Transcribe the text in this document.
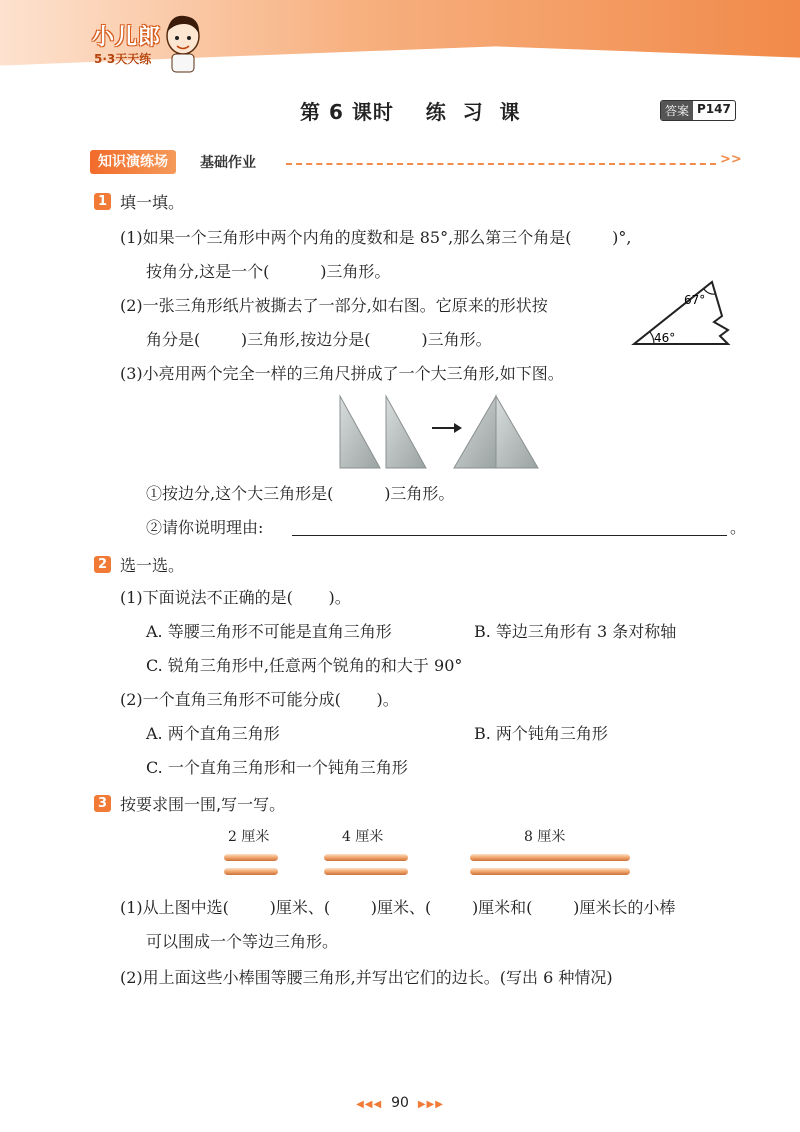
小儿郎
5·3天天练
第 6 课时    练  习  课	答案 P147
知识演练场	基础作业	>>
1 填一填。
(1)如果一个三角形中两个内角的度数和是 85°,那么第三个角是(        )°,
按角分,这是一个(          )三角形。
(2)一张三角形纸片被撕去了一部分,如右图。它原来的形状按
角分是(        )三角形,按边分是(          )三角形。
67°
46°
(3)小亮用两个完全一样的三角尺拼成了一个大三角形,如下图。
①按边分,这个大三角形是(          )三角形。
②请你说明理由:	。
2 选一选。
(1)下面说法不正确的是(       )。
A. 等腰三角形不可能是直角三角形	B. 等边三角形有 3 条对称轴
C. 锐角三角形中,任意两个锐角的和大于 90°
(2)一个直角三角形不可能分成(       )。
A. 两个直角三角形	B. 两个钝角三角形
C. 一个直角三角形和一个钝角三角形
3 按要求围一围,写一写。
2 厘米	4 厘米	8 厘米
(1)从上图中选(        )厘米、(        )厘米、(        )厘米和(        )厘米长的小棒
可以围成一个等边三角形。
(2)用上面这些小棒围等腰三角形,并写出它们的边长。(写出 6 种情况)
◀◀◀ 90 ▶▶▶
